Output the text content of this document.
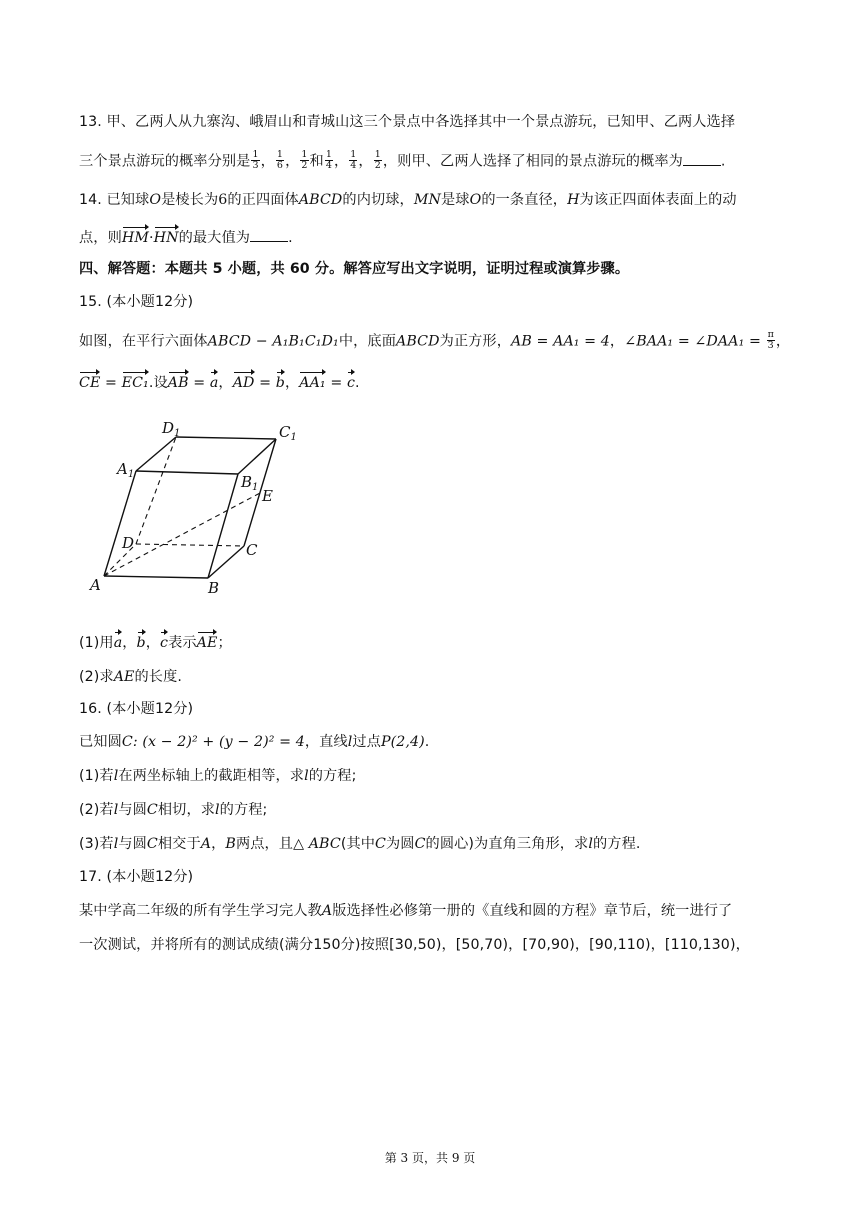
13. 甲、乙两人从九寨沟、峨眉山和青城山这三个景点中各选择其中一个景点游玩，已知甲、乙两人选择
三个景点游玩的概率分别是 $\frac{1}{3}$ ， $\frac{1}{6}$ ， $\frac{1}{2}$ 和 $\frac{1}{4}$ ， $\frac{1}{4}$ ， $\frac{1}{2}$ ，则甲、乙两人选择了相同的景点游玩的概率为	.
14. 已知球O是棱长为6的正四面体ABCD的内切球，MN是球O的一条直径，H为该正四面体表面上的动
点，则HM·HN的最大值为	.
四、解答题：本题共 5 小题，共 60 分。解答应写出文字说明，证明过程或演算步骤。
15. (本小题12分)
如图，在平行六面体ABCD − A₁B₁C₁D₁中，底面ABCD为正方形，AB = AA₁ = 4，∠BAA₁ = ∠DAA₁ = $\frac{\pi}{3}$ ，
CE = EC₁.设AB = a，AD = b，AA₁ = c.
$D_1$	$C_1$
$A_1$	$B_1$ E
D	C
A	B
(1)用a，b，c表示AE；
(2)求AE的长度.
16. (本小题12分)
已知圆C: (x − 2)² + (y − 2)² = 4，直线l过点P(2,4).
(1)若l在两坐标轴上的截距相等，求l的方程;
(2)若l与圆C相切，求l的方程;
(3)若l与圆C相交于A，B两点，且△ ABC(其中C为圆C的圆心)为直角三角形，求l的方程.
17. (本小题12分)
某中学高二年级的所有学生学习完人教A版选择性必修第一册的《直线和圆的方程》章节后，统一进行了
一次测试，并将所有的测试成绩(满分150分)按照[30,50)，[50,70)，[70,90)，[90,110)，[110,130)，
第 3 页，共 9 页
